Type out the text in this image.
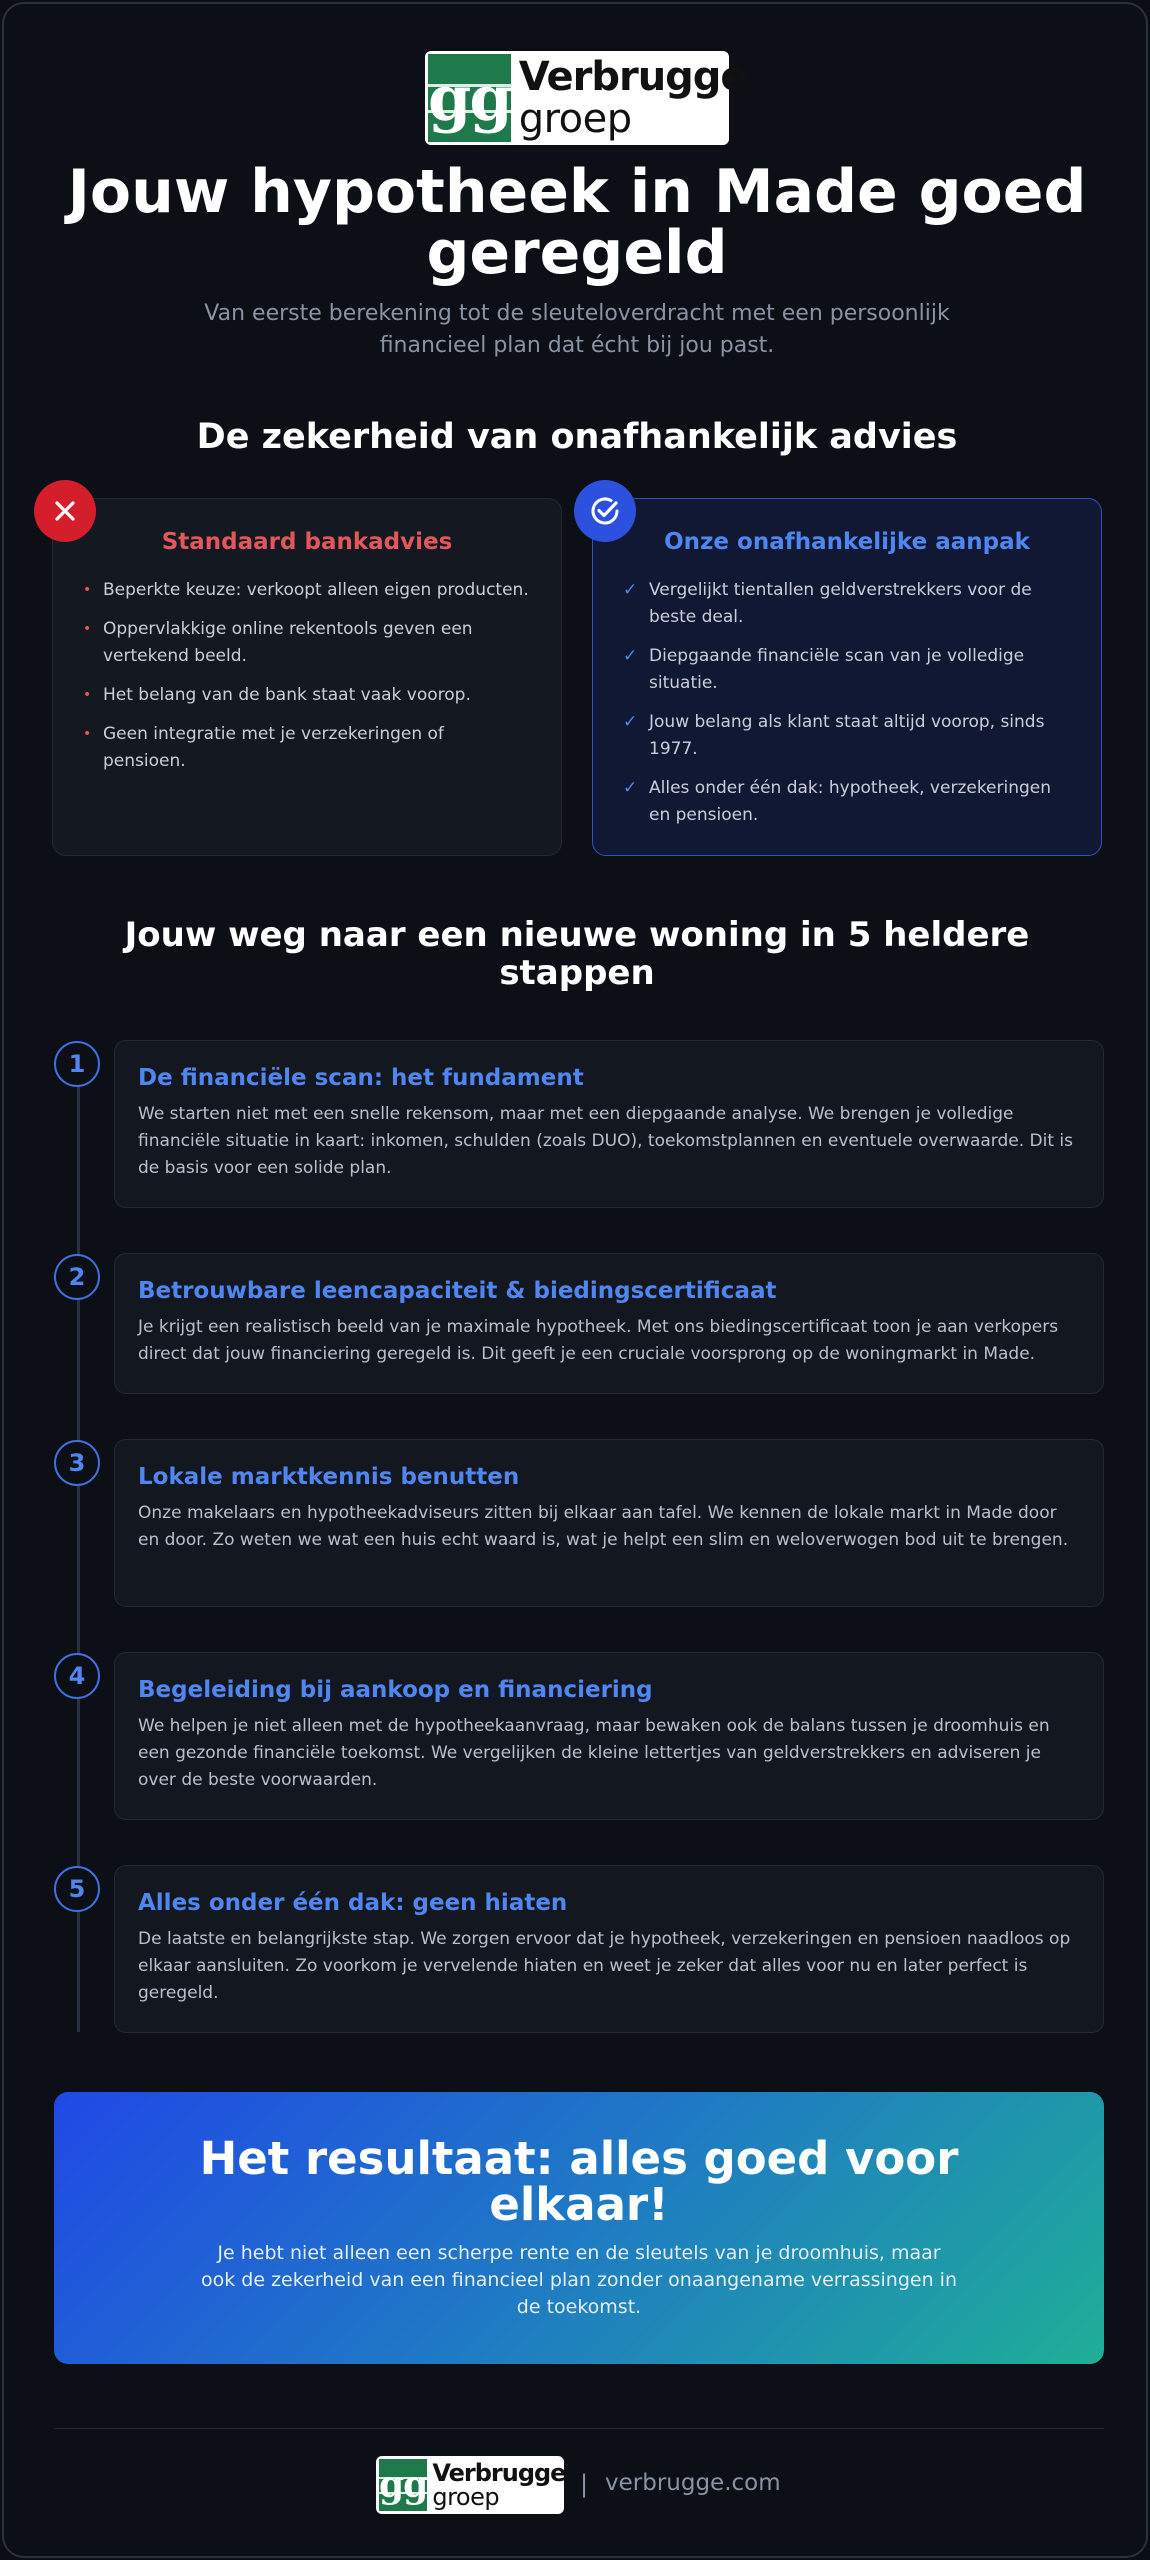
gg Verbrugge
groep
Jouw hypotheek in Made goed geregeld

Van eerste berekening tot de sleuteloverdracht met een persoonlijk financieel plan dat écht bij jou past.

De zekerheid van onafhankelijk advies
Standaard bankadvies
• Beperkte keuze: verkoopt alleen eigen producten.
• Oppervlakkige online rekentools geven een vertekend beeld.
• Het belang van de bank staat vaak voorop.
• Geen integratie met je verzekeringen of pensioen.
Onze onafhankelijke aanpak
✓ Vergelijkt tientallen geldverstrekkers voor de beste deal.
✓ Diepgaande financiële scan van je volledige situatie.
✓ Jouw belang als klant staat altijd voorop, sinds 1977.
✓ Alles onder één dak: hypotheek, verzekeringen en pensioen.
Jouw weg naar een nieuwe woning in 5 heldere stappen
1	De financiële scan: het fundament
We starten niet met een snelle rekensom, maar met een diepgaande analyse. We brengen je volledige financiële situatie in kaart: inkomen, schulden (zoals DUO), toekomstplannen en eventuele overwaarde. Dit is de basis voor een solide plan.
2	Betrouwbare leencapaciteit & biedingscertificaat
Je krijgt een realistisch beeld van je maximale hypotheek. Met ons biedingscertificaat toon je aan verkopers direct dat jouw financiering geregeld is. Dit geeft je een cruciale voorsprong op de woningmarkt in Made.
3	Lokale marktkennis benutten
Onze makelaars en hypotheekadviseurs zitten bij elkaar aan tafel. We kennen de lokale markt in Made door en door. Zo weten we wat een huis echt waard is, wat je helpt een slim en weloverwogen bod uit te brengen.
4	Begeleiding bij aankoop en financiering
We helpen je niet alleen met de hypotheekaanvraag, maar bewaken ook de balans tussen je droomhuis en een gezonde financiële toekomst. We vergelijken de kleine lettertjes van geldverstrekkers en adviseren je over de beste voorwaarden.
5	Alles onder één dak: geen hiaten
De laatste en belangrijkste stap. We zorgen ervoor dat je hypotheek, verzekeringen en pensioen naadloos op elkaar aansluiten. Zo voorkom je vervelende hiaten en weet je zeker dat alles voor nu en later perfect is geregeld.
Het resultaat: alles goed voor elkaar!
Je hebt niet alleen een scherpe rente en de sleutels van je droomhuis, maar ook de zekerheid van een financieel plan zonder onaangename verrassingen in de toekomst.
gg Verbrugge
groep	| verbrugge.com
